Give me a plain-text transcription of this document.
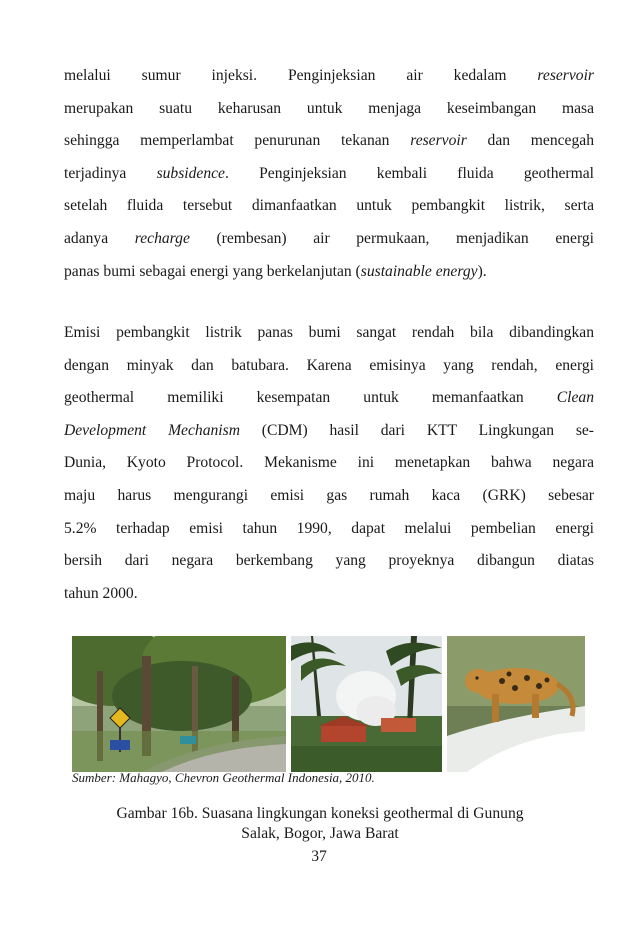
melalui sumur injeksi. Penginjeksian air kedalam reservoir
merupakan suatu keharusan untuk menjaga keseimbangan masa
sehingga memperlambat penurunan tekanan reservoir dan mencegah
terjadinya subsidence. Penginjeksian kembali fluida geothermal
setelah fluida tersebut dimanfaatkan untuk pembangkit listrik, serta
adanya recharge (rembesan) air permukaan, menjadikan energi
panas bumi sebagai energi yang berkelanjutan (sustainable energy).
Emisi pembangkit listrik panas bumi sangat rendah bila dibandingkan
dengan minyak dan batubara. Karena emisinya yang rendah, energi
geothermal memiliki kesempatan untuk memanfaatkan Clean
Development Mechanism (CDM) hasil dari KTT Lingkungan se-
Dunia, Kyoto Protocol. Mekanisme ini menetapkan bahwa negara
maju harus mengurangi emisi gas rumah kaca (GRK) sebesar
5.2% terhadap emisi tahun 1990, dapat melalui pembelian energi
bersih dari negara berkembang yang proyeknya dibangun diatas
tahun 2000.
Sumber: Mahagyo, Chevron Geothermal Indonesia, 2010.
Gambar 16b. Suasana lingkungan koneksi geothermal di Gunung
Salak, Bogor, Jawa Barat
37
